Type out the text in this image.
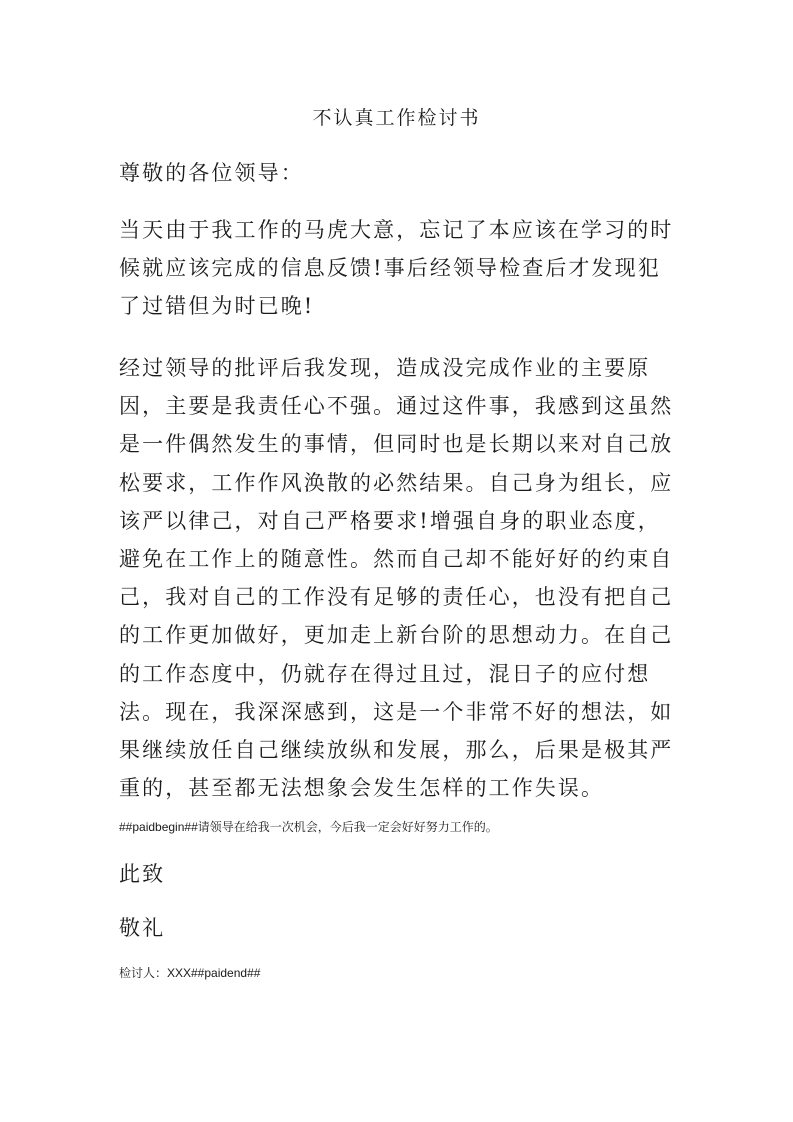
不认真工作检讨书

尊敬的各位领导：

当天由于我工作的马虎大意，忘记了本应该在学习的时候就应该完成的信息反馈!事后经领导检查后才发现犯了过错但为时已晚!

经过领导的批评后我发现，造成没完成作业的主要原因，主要是我责任心不强。通过这件事，我感到这虽然是一件偶然发生的事情，但同时也是长期以来对自己放松要求，工作作风涣散的必然结果。自己身为组长，应该严以律己，对自己严格要求!增强自身的职业态度，避免在工作上的随意性。然而自己却不能好好的约束自己，我对自己的工作没有足够的责任心，也没有把自己的工作更加做好，更加走上新台阶的思想动力。在自己的工作态度中，仍就存在得过且过，混日子的应付想法。现在，我深深感到，这是一个非常不好的想法，如果继续放任自己继续放纵和发展，那么，后果是极其严重的，甚至都无法想象会发生怎样的工作失误。

##paidbegin##请领导在给我一次机会，今后我一定会好好努力工作的。

此致

敬礼

检讨人：XXX##paidend##
